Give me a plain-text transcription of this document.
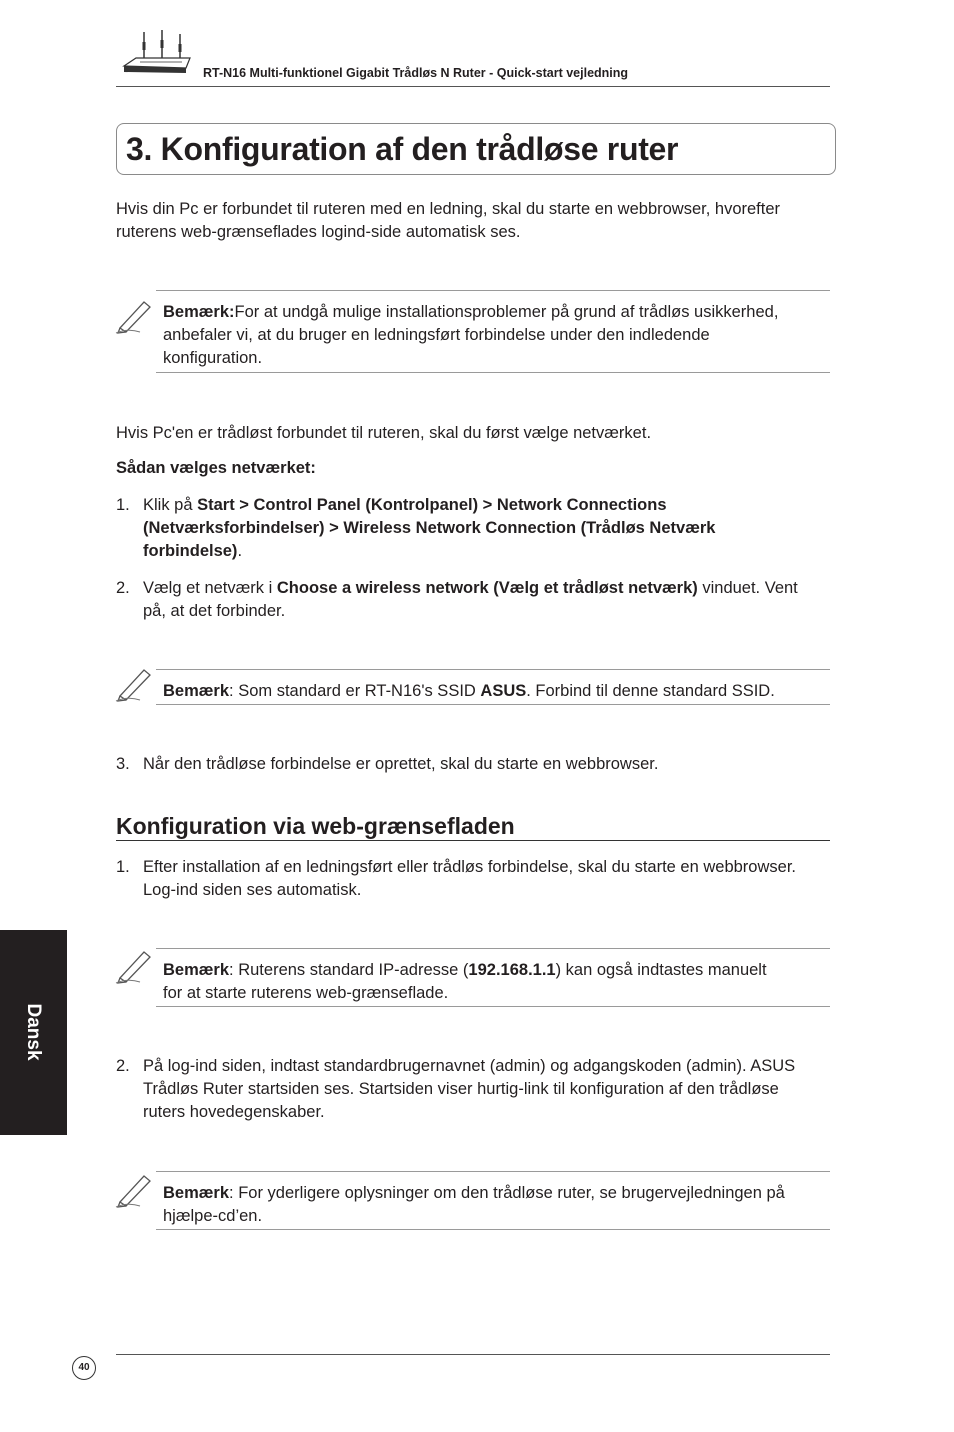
RT-N16 Multi-funktionel Gigabit Trådløs N Ruter - Quick-start vejledning
3. Konfiguration af den trådløse ruter
Hvis din Pc er forbundet til ruteren med en ledning, skal du starte en webbrowser, hvorefter ruterens web-grænseflades logind-side automatisk ses.
Bemærk:For at undgå mulige installationsproblemer på grund af trådløs usikkerhed,
anbefaler vi, at du bruger en ledningsført forbindelse under den indledende
konfiguration.
Hvis Pc'en er trådløst forbundet til ruteren, skal du først vælge netværket.
Sådan vælges netværket:
1. Klik på Start > Control Panel (Kontrolpanel) > Network Connections
(Netværksforbindelser) > Wireless Network Connection (Trådløs Netværk
forbindelse).
2. Vælg et netværk i Choose a wireless network (Vælg et trådløst netværk) vinduet. Vent
på, at det forbinder.
Bemærk: Som standard er RT-N16's SSID ASUS. Forbind til denne standard SSID.
3. Når den trådløse forbindelse er oprettet, skal du starte en webbrowser.
Konfiguration via web-grænsefladen
1. Efter installation af en ledningsført eller trådløs forbindelse, skal du starte en webbrowser.
Log-ind siden ses automatisk.
Bemærk: Ruterens standard IP-adresse (192.168.1.1) kan også indtastes manuelt
for at starte ruterens web-grænseflade.
2. På log-ind siden, indtast standardbrugernavnet (admin) og adgangskoden (admin). ASUS
Trådløs Ruter startsiden ses. Startsiden viser hurtig-link til konfiguration af den trådløse
ruters hovedegenskaber.
Bemærk: For yderligere oplysninger om den trådløse ruter, se brugervejledningen på
hjælpe-cd’en.
Dansk
40
